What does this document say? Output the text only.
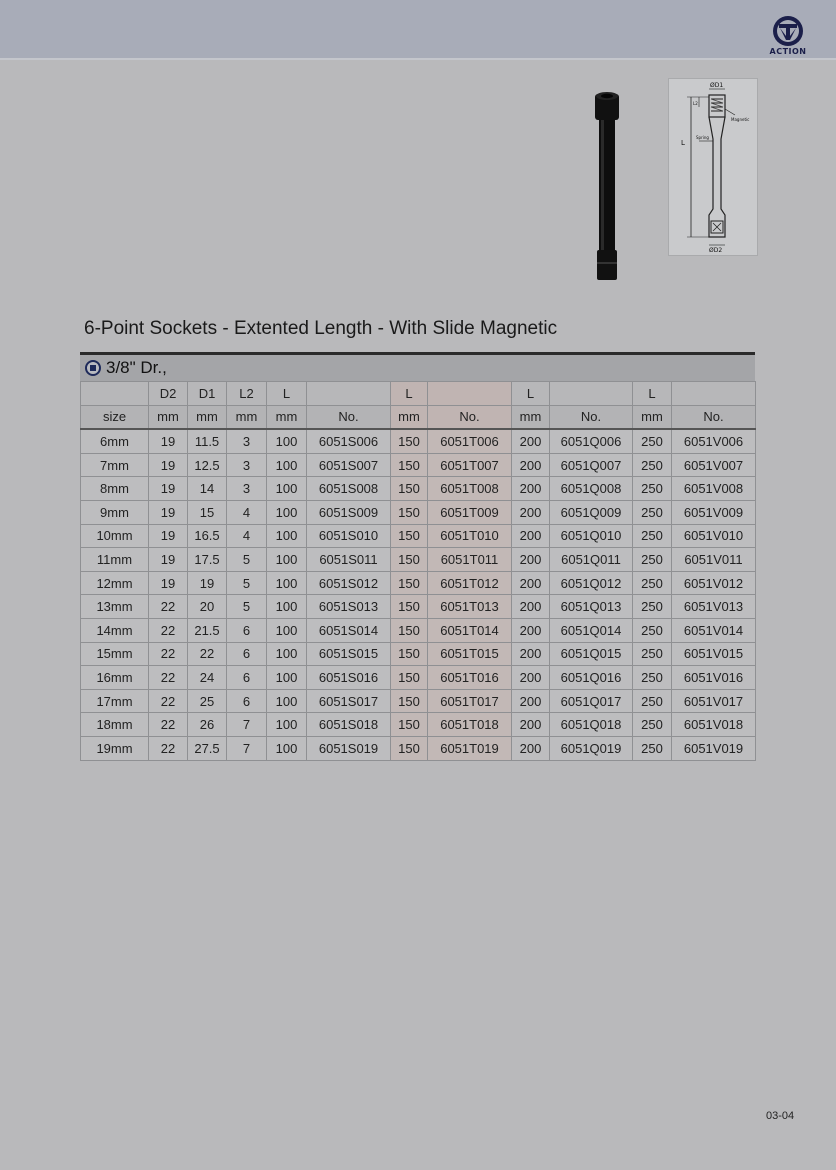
ACTION
ØD1
ØD2
L
L2
Spring
Magnetic
6-Point Sockets - Extented Length - With Slide Magnetic
3/8" Dr.,
	D2	D1	L2	L		L		L		L	
size	mm	mm	mm	mm	No.	mm	No.	mm	No.	mm	No.
6mm	19	11.5	3	100	6051S006	150	6051T006	200	6051Q006	250	6051V006
7mm	19	12.5	3	100	6051S007	150	6051T007	200	6051Q007	250	6051V007
8mm	19	14	3	100	6051S008	150	6051T008	200	6051Q008	250	6051V008
9mm	19	15	4	100	6051S009	150	6051T009	200	6051Q009	250	6051V009
10mm	19	16.5	4	100	6051S010	150	6051T010	200	6051Q010	250	6051V010
11mm	19	17.5	5	100	6051S011	150	6051T011	200	6051Q011	250	6051V011
12mm	19	19	5	100	6051S012	150	6051T012	200	6051Q012	250	6051V012
13mm	22	20	5	100	6051S013	150	6051T013	200	6051Q013	250	6051V013
14mm	22	21.5	6	100	6051S014	150	6051T014	200	6051Q014	250	6051V014
15mm	22	22	6	100	6051S015	150	6051T015	200	6051Q015	250	6051V015
16mm	22	24	6	100	6051S016	150	6051T016	200	6051Q016	250	6051V016
17mm	22	25	6	100	6051S017	150	6051T017	200	6051Q017	250	6051V017
18mm	22	26	7	100	6051S018	150	6051T018	200	6051Q018	250	6051V018
19mm	22	27.5	7	100	6051S019	150	6051T019	200	6051Q019	250	6051V019
03-04
